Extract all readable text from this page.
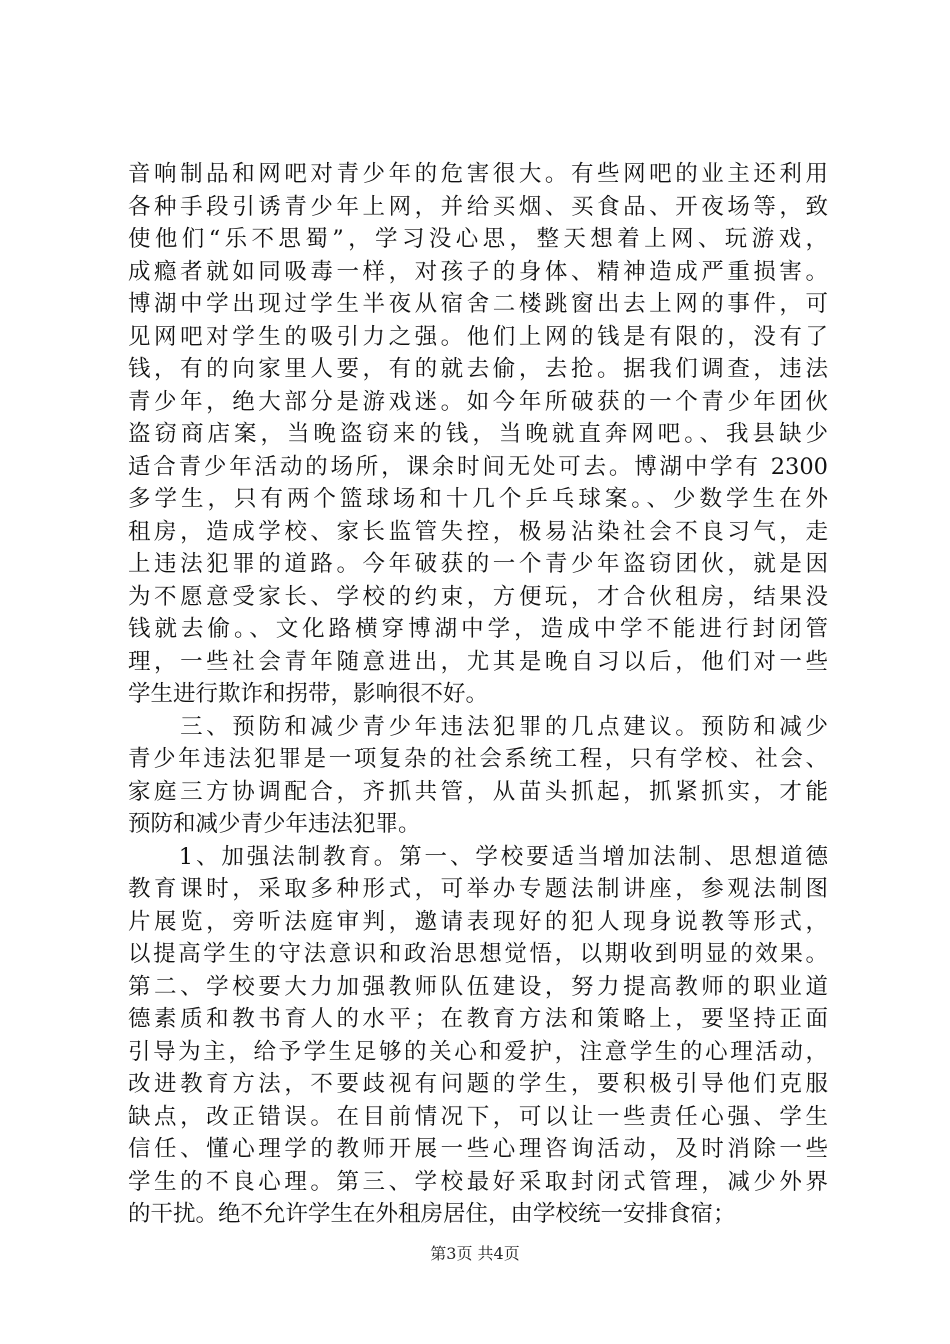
音响制品和网吧对青少年的危害很大。有些网吧的业主还利用
各种手段引诱青少年上网，并给买烟、买食品、开夜场等，致
使他们“乐不思蜀”，学习没心思，整天想着上网、玩游戏，
成瘾者就如同吸毒一样，对孩子的身体、精神造成严重损害。
博湖中学出现过学生半夜从宿舍二楼跳窗出去上网的事件，可
见网吧对学生的吸引力之强。他们上网的钱是有限的，没有了
钱，有的向家里人要，有的就去偷，去抢。据我们调查，违法
青少年，绝大部分是游戏迷。如今年所破获的一个青少年团伙
盗窃商店案，当晚盗窃来的钱，当晚就直奔网吧。、我县缺少
适合青少年活动的场所，课余时间无处可去。博湖中学有 2300
多学生，只有两个篮球场和十几个乒乓球案。、少数学生在外
租房，造成学校、家长监管失控，极易沾染社会不良习气，走
上违法犯罪的道路。今年破获的一个青少年盗窃团伙，就是因
为不愿意受家长、学校的约束，方便玩，才合伙租房，结果没
钱就去偷。、文化路横穿博湖中学，造成中学不能进行封闭管
理，一些社会青年随意进出，尤其是晚自习以后，他们对一些
学生进行欺诈和拐带，影响很不好。
　　三、预防和减少青少年违法犯罪的几点建议。预防和减少
青少年违法犯罪是一项复杂的社会系统工程，只有学校、社会、
家庭三方协调配合，齐抓共管，从苗头抓起，抓紧抓实，才能
预防和减少青少年违法犯罪。
　　1、加强法制教育。第一、学校要适当增加法制、思想道德
教育课时，采取多种形式，可举办专题法制讲座，参观法制图
片展览，旁听法庭审判，邀请表现好的犯人现身说教等形式，
以提高学生的守法意识和政治思想觉悟，以期收到明显的效果。
第二、学校要大力加强教师队伍建设，努力提高教师的职业道
德素质和教书育人的水平；在教育方法和策略上，要坚持正面
引导为主，给予学生足够的关心和爱护，注意学生的心理活动，
改进教育方法，不要歧视有问题的学生，要积极引导他们克服
缺点，改正错误。在目前情况下，可以让一些责任心强、学生
信任、懂心理学的教师开展一些心理咨询活动，及时消除一些
学生的不良心理。第三、学校最好采取封闭式管理，减少外界
的干扰。绝不允许学生在外租房居住，由学校统一安排食宿；
第3页 共4页
